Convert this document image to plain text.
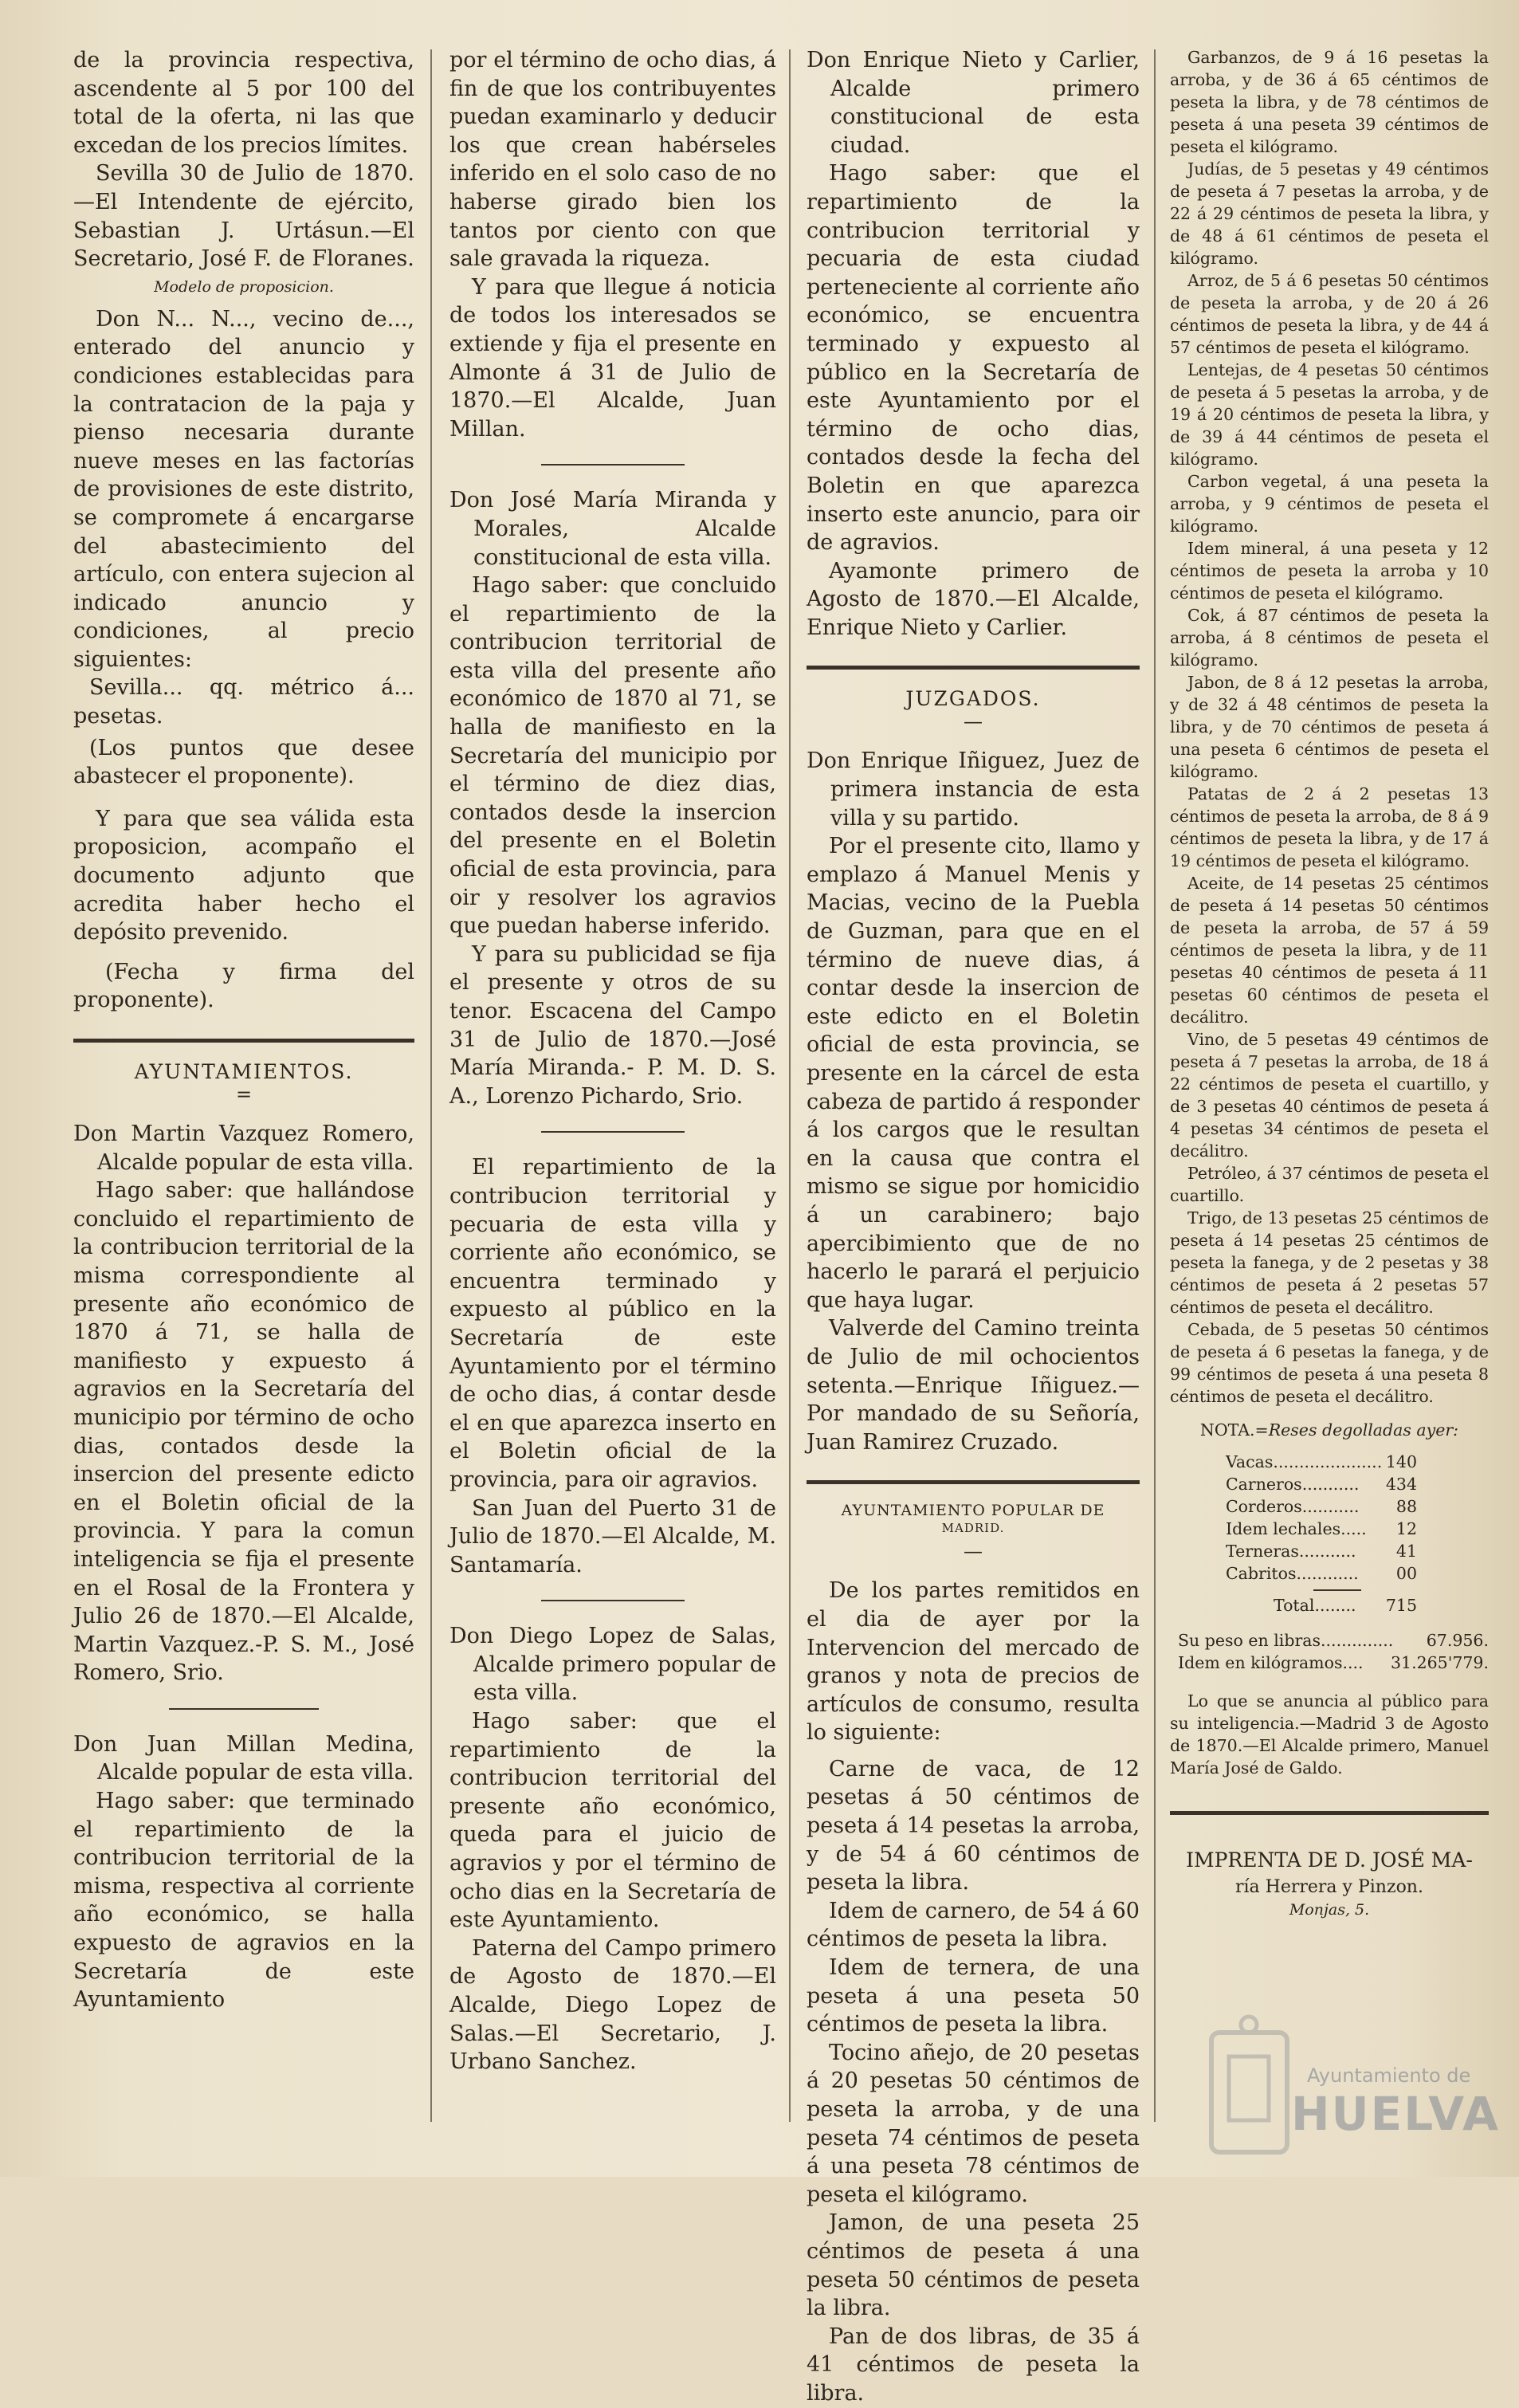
de la provincia respectiva, ascendente al 5 por 100 del total de la oferta, ni las que excedan de los precios límites.

Sevilla 30 de Julio de 1870. —El Intendente de ejército, Sebastian J. Urtásun.—El Secretario, José F. de Floranes.

Modelo de proposicion.

Don N... N..., vecino de..., enterado del anuncio y condiciones establecidas para la contratacion de la paja y pienso necesaria durante nueve meses en las factorías de provisiones de este distrito, se compromete á encargarse del abastecimiento del artículo, con entera sujecion al indicado anuncio y condiciones, al precio siguientes:

Sevilla... qq. métrico á... pesetas.

(Los puntos que desee abastecer el proponente).

Y para que sea válida esta proposicion, acompaño el documento adjunto que acredita haber hecho el depósito prevenido.

(Fecha y firma del proponente).

AYUNTAMIENTOS.
=

Don Martin Vazquez Romero, Alcalde popular de esta villa.

Hago saber: que hallándose concluido el repartimiento de la contribucion territorial de la misma correspondiente al presente año económico de 1870 á 71, se halla de manifiesto y expuesto á agravios en la Secretaría del municipio por término de ocho dias, contados desde la insercion del presente edicto en el Boletin oficial de la provincia. Y para la comun inteligencia se fija el presente en el Rosal de la Frontera y Julio 26 de 1870.—El Alcalde, Martin Vazquez.-P. S. M., José Romero, Srio.

Don Juan Millan Medina, Alcalde popular de esta villa.

Hago saber: que terminado el repartimiento de la contribucion territorial de la misma, respectiva al corriente año económico, se halla expuesto de agravios en la Secretaría de este Ayuntamiento

por el término de ocho dias, á fin de que los contribuyentes puedan examinarlo y deducir los que crean habérseles inferido en el solo caso de no haberse girado bien los tantos por ciento con que sale gravada la riqueza.

Y para que llegue á noticia de todos los interesados se extiende y fija el presente en Almonte á 31 de Julio de 1870.—El Alcalde, Juan Millan.

Don José María Miranda y Morales, Alcalde constitucional de esta villa.

Hago saber: que concluido el repartimiento de la contribucion territorial de esta villa del presente año económico de 1870 al 71, se halla de manifiesto en la Secretaría del municipio por el término de diez dias, contados desde la insercion del presente en el Boletin oficial de esta provincia, para oir y resolver los agravios que puedan haberse inferido.

Y para su publicidad se fija el presente y otros de su tenor. Escacena del Campo 31 de Julio de 1870.—José María Miranda.- P. M. D. S. A., Lorenzo Pichardo, Srio.

El repartimiento de la contribucion territorial y pecuaria de esta villa y corriente año económico, se encuentra terminado y expuesto al público en la Secretaría de este Ayuntamiento por el término de ocho dias, á contar desde el en que aparezca inserto en el Boletin oficial de la provincia, para oir agravios.

San Juan del Puerto 31 de Julio de 1870.—El Alcalde, M. Santamaría.

Don Diego Lopez de Salas, Alcalde primero popular de esta villa.

Hago saber: que el repartimiento de la contribucion territorial del presente año económico, queda para el juicio de agravios y por el término de ocho dias en la Secretaría de este Ayuntamiento.

Paterna del Campo primero de Agosto de 1870.—El Alcalde, Diego Lopez de Salas.—El Secretario, J. Urbano Sanchez.

Don Enrique Nieto y Carlier, Alcalde primero constitucional de esta ciudad.

Hago saber: que el repartimiento de la contribucion territorial y pecuaria de esta ciudad perteneciente al corriente año económico, se encuentra terminado y expuesto al público en la Secretaría de este Ayuntamiento por el término de ocho dias, contados desde la fecha del Boletin en que aparezca inserto este anuncio, para oir de agravios.

Ayamonte primero de Agosto de 1870.—El Alcalde, Enrique Nieto y Carlier.

JUZGADOS.
—

Don Enrique Iñiguez, Juez de primera instancia de esta villa y su partido.

Por el presente cito, llamo y emplazo á Manuel Menis y Macias, vecino de la Puebla de Guzman, para que en el término de nueve dias, á contar desde la insercion de este edicto en el Boletin oficial de esta provincia, se presente en la cárcel de esta cabeza de partido á responder á los cargos que le resultan en la causa que contra el mismo se sigue por homicidio á un carabinero; bajo apercibimiento que de no hacerlo le parará el perjuicio que haya lugar.

Valverde del Camino treinta de Julio de mil ochocientos setenta.—Enrique Iñiguez.—Por mandado de su Señoría, Juan Ramirez Cruzado.

AYUNTAMIENTO POPULAR DE
MADRID.
—

De los partes remitidos en el dia de ayer por la Intervencion del mercado de granos y nota de precios de artículos de consumo, resulta lo siguiente:

Carne de vaca, de 12 pesetas á 50 céntimos de peseta á 14 pesetas la arroba, y de 54 á 60 céntimos de peseta la libra.

Idem de carnero, de 54 á 60 céntimos de peseta la libra.

Idem de ternera, de una peseta á una peseta 50 céntimos de peseta la libra.

Tocino añejo, de 20 pesetas á 20 pesetas 50 céntimos de peseta la arroba, y de una peseta 74 céntimos de peseta á una peseta 78 céntimos de peseta el kilógramo.

Jamon, de una peseta 25 céntimos de peseta á una peseta 50 céntimos de peseta la libra.

Pan de dos libras, de 35 á 41 céntimos de peseta la libra.

Garbanzos, de 9 á 16 pesetas la arroba, y de 36 á 65 céntimos de peseta la libra, y de 78 céntimos de peseta á una peseta 39 céntimos de peseta el kilógramo.

Judías, de 5 pesetas y 49 céntimos de peseta á 7 pesetas la arroba, y de 22 á 29 céntimos de peseta la libra, y de 48 á 61 céntimos de peseta el kilógramo.

Arroz, de 5 á 6 pesetas 50 céntimos de peseta la arroba, y de 20 á 26 céntimos de peseta la libra, y de 44 á 57 céntimos de peseta el kilógramo.

Lentejas, de 4 pesetas 50 céntimos de peseta á 5 pesetas la arroba, y de 19 á 20 céntimos de peseta la libra, y de 39 á 44 céntimos de peseta el kilógramo.

Carbon vegetal, á una peseta la arroba, y 9 céntimos de peseta el kilógramo.

Idem mineral, á una peseta y 12 céntimos de peseta la arroba y 10 céntimos de peseta el kilógramo.

Cok, á 87 céntimos de peseta la arroba, á 8 céntimos de peseta el kilógramo.

Jabon, de 8 á 12 pesetas la arroba, y de 32 á 48 céntimos de peseta la libra, y de 70 céntimos de peseta á una peseta 6 céntimos de peseta el kilógramo.

Patatas de 2 á 2 pesetas 13 céntimos de peseta la arroba, de 8 á 9 céntimos de peseta la libra, y de 17 á 19 céntimos de peseta el kilógramo.

Aceite, de 14 pesetas 25 céntimos de peseta á 14 pesetas 50 céntimos de peseta la arroba, de 57 á 59 céntimos de peseta la libra, y de 11 pesetas 40 céntimos de peseta á 11 pesetas 60 céntimos de peseta el decálitro.

Vino, de 5 pesetas 49 céntimos de peseta á 7 pesetas la arroba, de 18 á 22 céntimos de peseta el cuartillo, y de 3 pesetas 40 céntimos de peseta á 4 pesetas 34 céntimos de peseta el decálitro.

Petróleo, á 37 céntimos de peseta el cuartillo.

Trigo, de 13 pesetas 25 céntimos de peseta á 14 pesetas 25 céntimos de peseta la fanega, y de 2 pesetas y 38 céntimos de peseta á 2 pesetas 57 céntimos de peseta el decálitro.

Cebada, de 5 pesetas 50 céntimos de peseta á 6 pesetas la fanega, y de 99 céntimos de peseta á una peseta 8 céntimos de peseta el decálitro.

NOTA.=Reses degolladas ayer:
Vacas..................... 140
Carneros........... 434
Corderos........... 88
Idem lechales..... 12
Terneras........... 41
Cabritos............ 00
Total........ 715
Su peso en libras.............. 67.956.
Idem en kilógramos.... 31.265'779.

Lo que se anuncia al público para su inteligencia.—Madrid 3 de Agosto de 1870.—El Alcalde primero, Manuel María José de Galdo.

IMPRENTA DE D. JOSÉ MA-

ría Herrera y Pinzon.

Monjas, 5.

Ayuntamiento de
HUELVA
